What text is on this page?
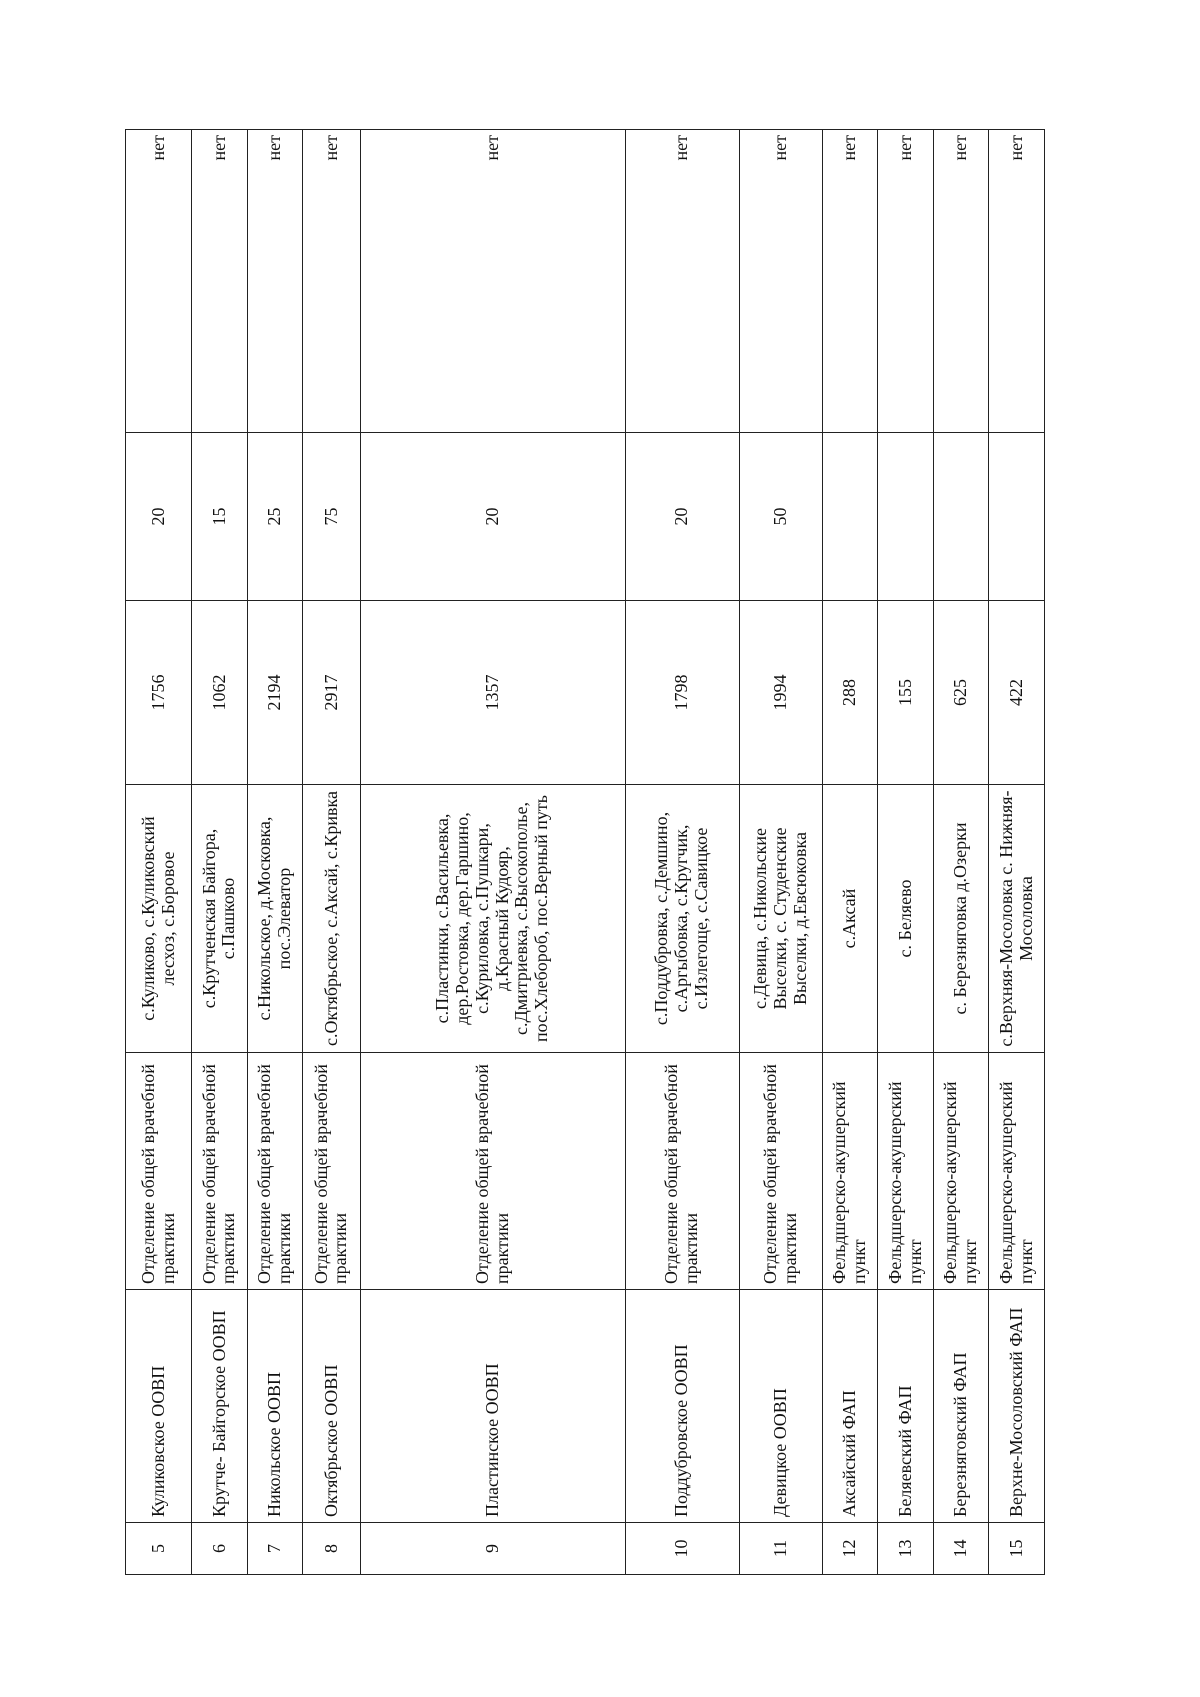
5	Куликовское ООВП	Отделение общей врачебной практики	с.Куликово, с.Куликовский лесхоз, с.Боровое	1756	20	нет
6	Крутче- Байгорское ООВП	Отделение общей врачебной практики	с.Крутченская Байгора, с.Пашково	1062	15	нет
7	Никольское ООВП	Отделение общей врачебной практики	с.Никольское, д.Московка, пос.Элеватор	2194	25	нет
8	Октябрьское ООВП	Отделение общей врачебной практики	с.Октябрьское, с.Аксай, с.Кривка	2917	75	нет
9	Пластинское ООВП	Отделение общей врачебной практики	с.Пластинки, с.Васильевка, дер.Ростовка, дер.Гаршино, с.Куриловка, с.Пушкари, д.Красный Кудояр, с.Дмитриевка, с.Высокополье, пос.Хлебороб, пос.Верный путь	1357	20	нет
10	Поддубровское ООВП	Отделение общей врачебной практики	с.Поддубровка, с.Демшино, с.Аргыбовка, с.Кругчик, с.Излегоще, с.Савицкое	1798	20	нет
11	Девицкое ООВП	Отделение общей врачебной практики	с.Девица, с.Никольские Выселки, с. Студенские Выселки, д.Евсюковка	1994	50	нет
12	Аксайский ФАП	Фельдшерско-акушерский пункт	с.Аксай	288		нет
13	Беляевский ФАП	Фельдшерско-акушерский пункт	с. Беляево	155		нет
14	Березняговский ФАП	Фельдшерско-акушерский пункт	с. Березняговка д.Озерки	625		нет
15	Верхне-Мосоловский ФАП	Фельдшерско-акушерский пункт	с.Верхняя-Мосоловка с. Нижняя-Мосоловка	422		нет
